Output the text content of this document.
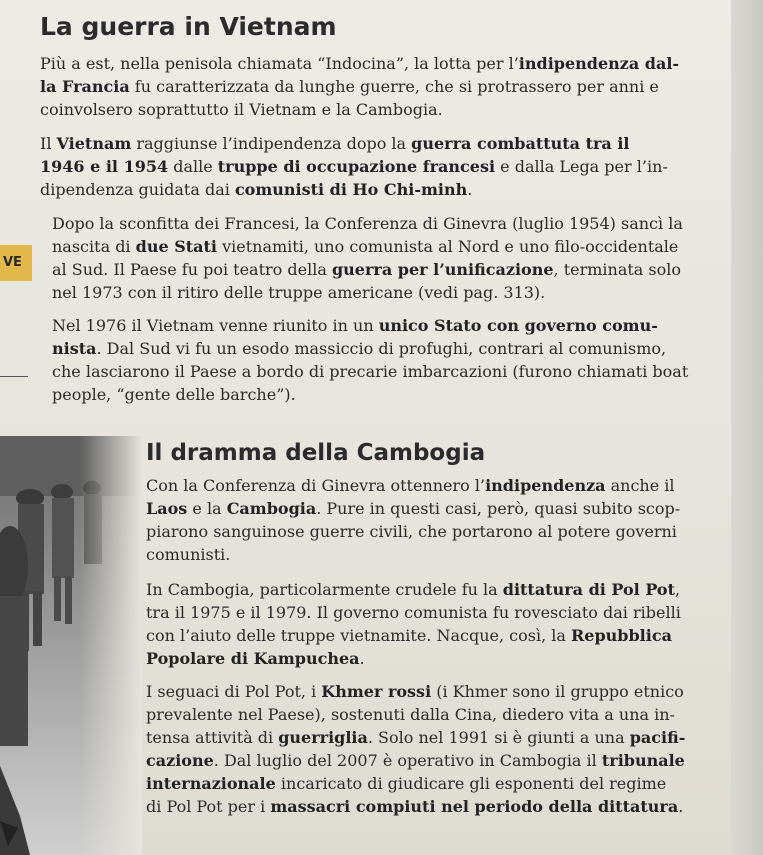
VE
La guerra in Vietnam
Più a est, nella penisola chiamata “Indocina”, la lotta per l’indipendenza dal-
la Francia fu caratterizzata da lunghe guerre, che si protrassero per anni e
coinvolsero soprattutto il Vietnam e la Cambogia.
Il Vietnam raggiunse l’indipendenza dopo la guerra combattuta tra il
1946 e il 1954 dalle truppe di occupazione francesi e dalla Lega per l’in-
dipendenza guidata dai comunisti di Ho Chi-minh.
Dopo la sconfitta dei Francesi, la Conferenza di Ginevra (luglio 1954) sancì la
nascita di due Stati vietnamiti, uno comunista al Nord e uno filo-occidentale
al Sud. Il Paese fu poi teatro della guerra per l’unificazione, terminata solo
nel 1973 con il ritiro delle truppe americane (vedi pag. 313).
Nel 1976 il Vietnam venne riunito in un unico Stato con governo comu-
nista. Dal Sud vi fu un esodo massiccio di profughi, contrari al comunismo,
che lasciarono il Paese a bordo di precarie imbarcazioni (furono chiamati boat
people, “gente delle barche”).
Il dramma della Cambogia
Con la Conferenza di Ginevra ottennero l’indipendenza anche il
Laos e la Cambogia. Pure in questi casi, però, quasi subito scop-
piarono sanguinose guerre civili, che portarono al potere governi
comunisti.
In Cambogia, particolarmente crudele fu la dittatura di Pol Pot,
tra il 1975 e il 1979. Il governo comunista fu rovesciato dai ribelli
con l’aiuto delle truppe vietnamite. Nacque, così, la Repubblica
Popolare di Kampuchea.
I seguaci di Pol Pot, i Khmer rossi (i Khmer sono il gruppo etnico
prevalente nel Paese), sostenuti dalla Cina, diedero vita a una in-
tensa attività di guerriglia. Solo nel 1991 si è giunti a una pacifi-
cazione. Dal luglio del 2007 è operativo in Cambogia il tribunale
internazionale incaricato di giudicare gli esponenti del regime
di Pol Pot per i massacri compiuti nel periodo della dittatura.
